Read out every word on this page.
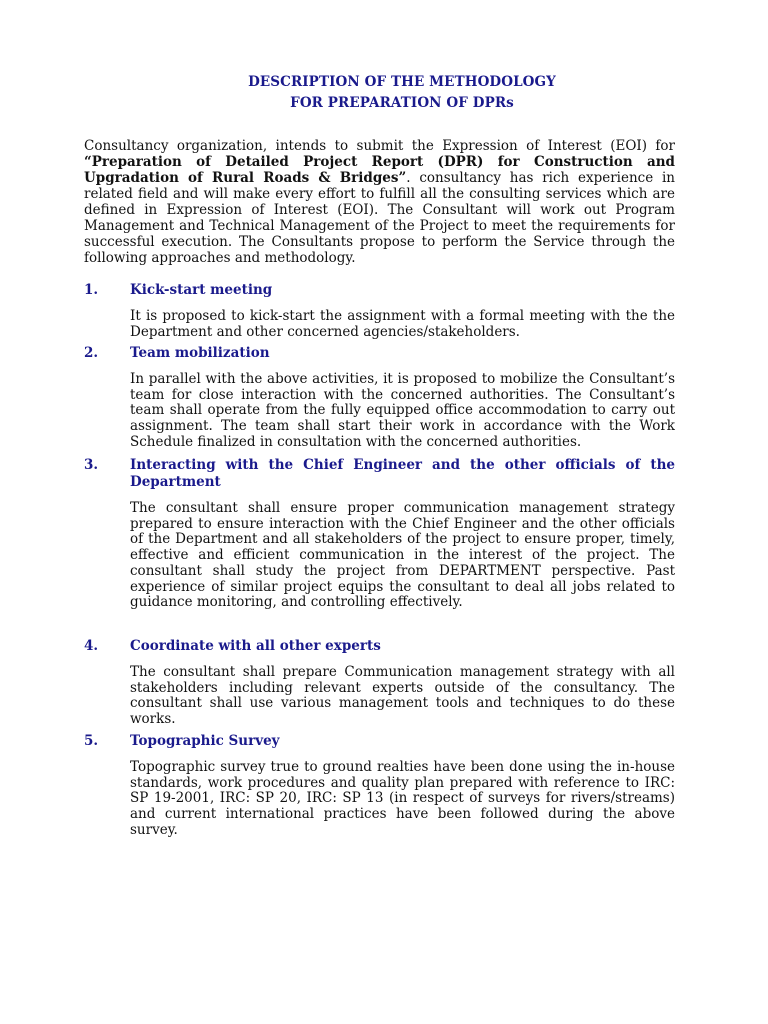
DESCRIPTION OF THE METHODOLOGY
FOR PREPARATION OF DPRs
Consultancy organization, intends to submit the Expression of Interest (EOI) for “Preparation of Detailed Project Report (DPR) for Construction and Upgradation of Rural Roads & Bridges”. consultancy has rich experience in related field and will make every effort to fulfill all the consulting services which are defined in Expression of Interest (EOI). The Consultant will work out Program Management and Technical Management of the Project to meet the requirements for successful execution. The Consultants propose to perform the Service through the following approaches and methodology.
1.	Kick-start meeting
It is proposed to kick-start the assignment with a formal meeting with the the Department and other concerned agencies/stakeholders.
2.	Team mobilization
In parallel with the above activities, it is proposed to mobilize the Consultant’s team for close interaction with the concerned authorities. The Consultant’s team shall operate from the fully equipped office accommodation to carry out assignment. The team shall start their work in accordance with the Work Schedule finalized in consultation with the concerned authorities.
3.	Interacting with the Chief Engineer and the other officials of the Department
The consultant shall ensure proper communication management strategy prepared to ensure interaction with the Chief Engineer and the other officials of the Department and all stakeholders of the project to ensure proper, timely, effective and efficient communication in the interest of the project. The consultant shall study the project from DEPARTMENT perspective. Past experience of similar project equips the consultant to deal all jobs related to guidance monitoring, and controlling effectively.
4.	Coordinate with all other experts
The consultant shall prepare Communication management strategy with all stakeholders including relevant experts outside of the consultancy. The consultant shall use various management tools and techniques to do these works.
5.	Topographic Survey
Topographic survey true to ground realties have been done using the in-house standards, work procedures and quality plan prepared with reference to IRC: SP 19-2001, IRC: SP 20, IRC: SP 13 (in respect of surveys for rivers/streams) and current international practices have been followed during the above survey.
